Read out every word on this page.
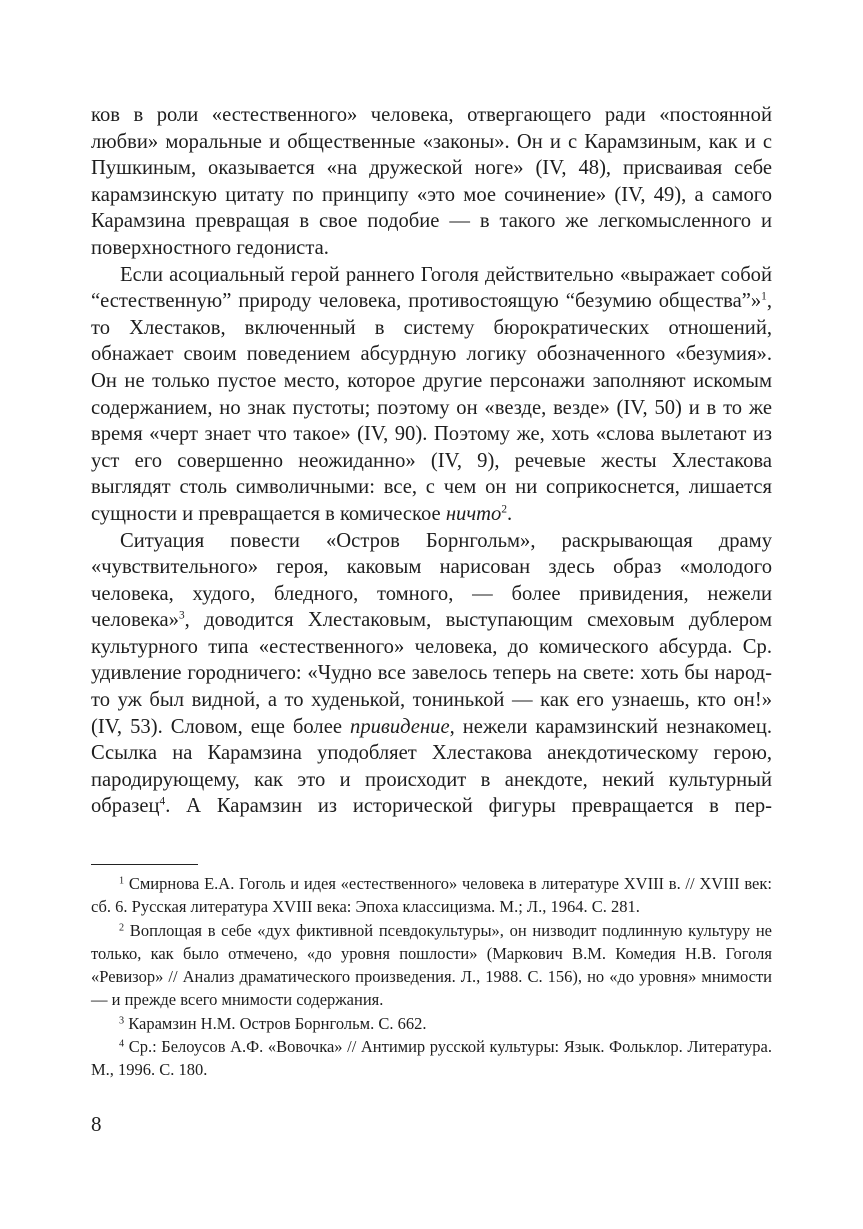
ков в роли «естественного» человека, отвергающего ради «постоянной любви» моральные и общественные «законы». Он и с Карамзиным, как и с Пушкиным, оказывается «на дружеской ноге» (IV, 48), присваивая себе карамзинскую цитату по принципу «это мое сочинение» (IV, 49), а самого Карамзина превращая в свое подобие — в такого же легкомысленного и поверхностного гедониста.

Если асоциальный герой раннего Гоголя действительно «выражает собой “естественную” природу человека, противостоящую “безумию общества”»$^1$, то Хлестаков, включенный в систему бюрократических отношений, обнажает своим поведением абсурдную логику обозначенного «безумия». Он не только пустое место, которое другие персонажи заполняют искомым содержанием, но знак пустоты; поэтому он «везде, везде» (IV, 50) и в то же время «черт знает что такое» (IV, 90). Поэтому же, хоть «слова вылетают из уст его совершенно неожиданно» (IV, 9), речевые жесты Хлестакова выглядят столь символичными: все, с чем он ни соприкоснется, лишается сущности и превращается в комическое ничто$^2$.

Ситуация повести «Остров Борнгольм», раскрывающая драму «чувствительного» героя, каковым нарисован здесь образ «молодого человека, худого, бледного, томного, — более привидения, нежели человека»$^3$, доводится Хлестаковым, выступающим смеховым дублером культурного типа «естественного» человека, до комического абсурда. Ср. удивление городничего: «Чудно все завелось теперь на свете: хоть бы народ-то уж был видной, а то худенькой, тонинькой — как его узнаешь, кто он!» (IV, 53). Словом, еще более привидение, нежели карамзинский незнакомец. Ссылка на Карамзина уподобляет Хлестакова анекдотическому герою, пародирующему, как это и происходит в анекдоте, некий культурный образец$^4$. А Карамзин из исторической фигуры превращается в пер-

$^1$ Смирнова Е.А. Гоголь и идея «естественного» человека в литературе XVIII в. // XVIII век: сб. 6. Русская литература XVIII века: Эпоха классицизма. М.; Л., 1964. С. 281.

$^2$ Воплощая в себе «дух фиктивной псевдокультуры», он низводит подлинную культуру не только, как было отмечено, «до уровня пошлости» (Маркович В.М. Комедия Н.В. Гоголя «Ревизор» // Анализ драматического произведения. Л., 1988. С. 156), но «до уровня» мнимости — и прежде всего мнимости содержания.

$^3$ Карамзин Н.М. Остров Борнгольм. С. 662.

$^4$ Ср.: Белоусов А.Ф. «Вовочка» // Антимир русской культуры: Язык. Фольклор. Литература. М., 1996. С. 180.

8
